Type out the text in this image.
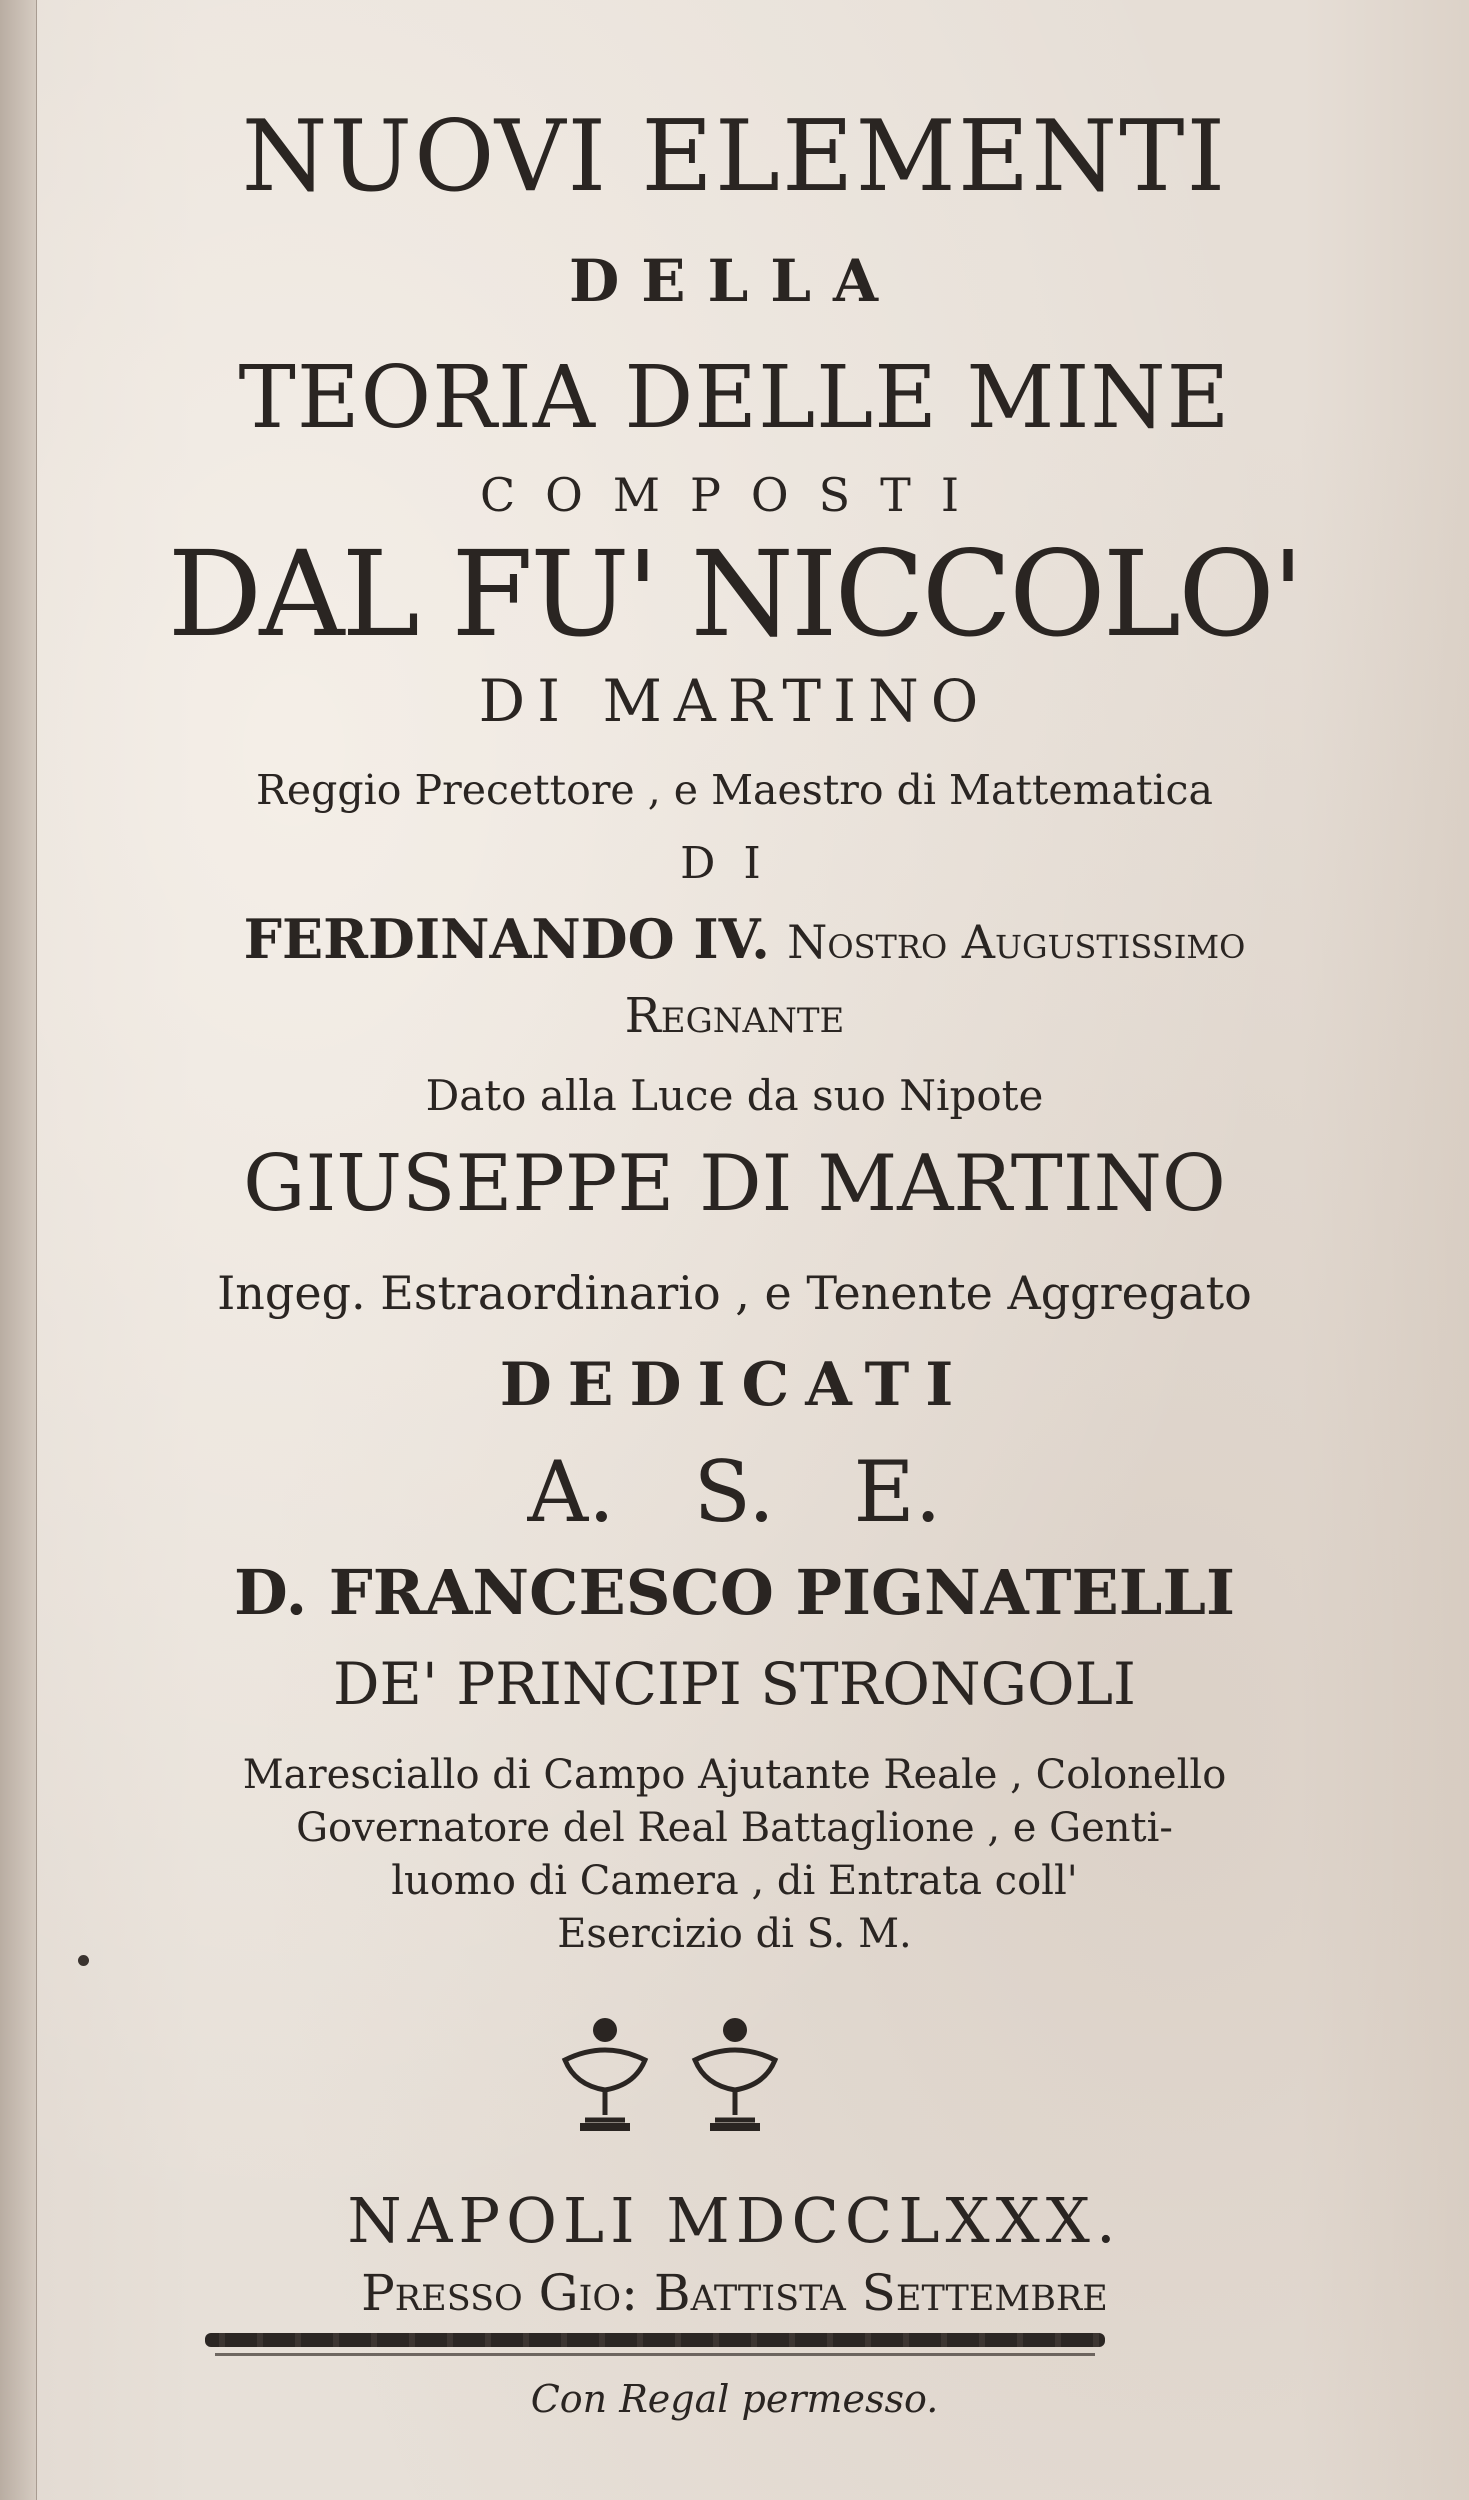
NUOVI ELEMENTI
DELLA
TEORIA DELLE MINE
COMPOSTI
DAL FU' NICCOLO'
DI MARTINO
Reggio Precettore , e Maestro di Mattematica
DI
FERDINANDO IV. Nostro Augustissimo
Regnante
Dato alla Luce da suo Nipote
GIUSEPPE DI MARTINO
Ingeg. Estraordinario , e Tenente Aggregato
DEDICATI
A. S. E.
D. FRANCESCO PIGNATELLI
DE' PRINCIPI STRONGOLI
Maresciallo di Campo Ajutante Reale , Colonello
Governatore del Real Battaglione , e Genti-
luomo di Camera , di Entrata coll'
Esercizio di S. M.
NAPOLI MDCCLXXX.
Presso Gio: Battista Settembre
Con Regal permesso.
